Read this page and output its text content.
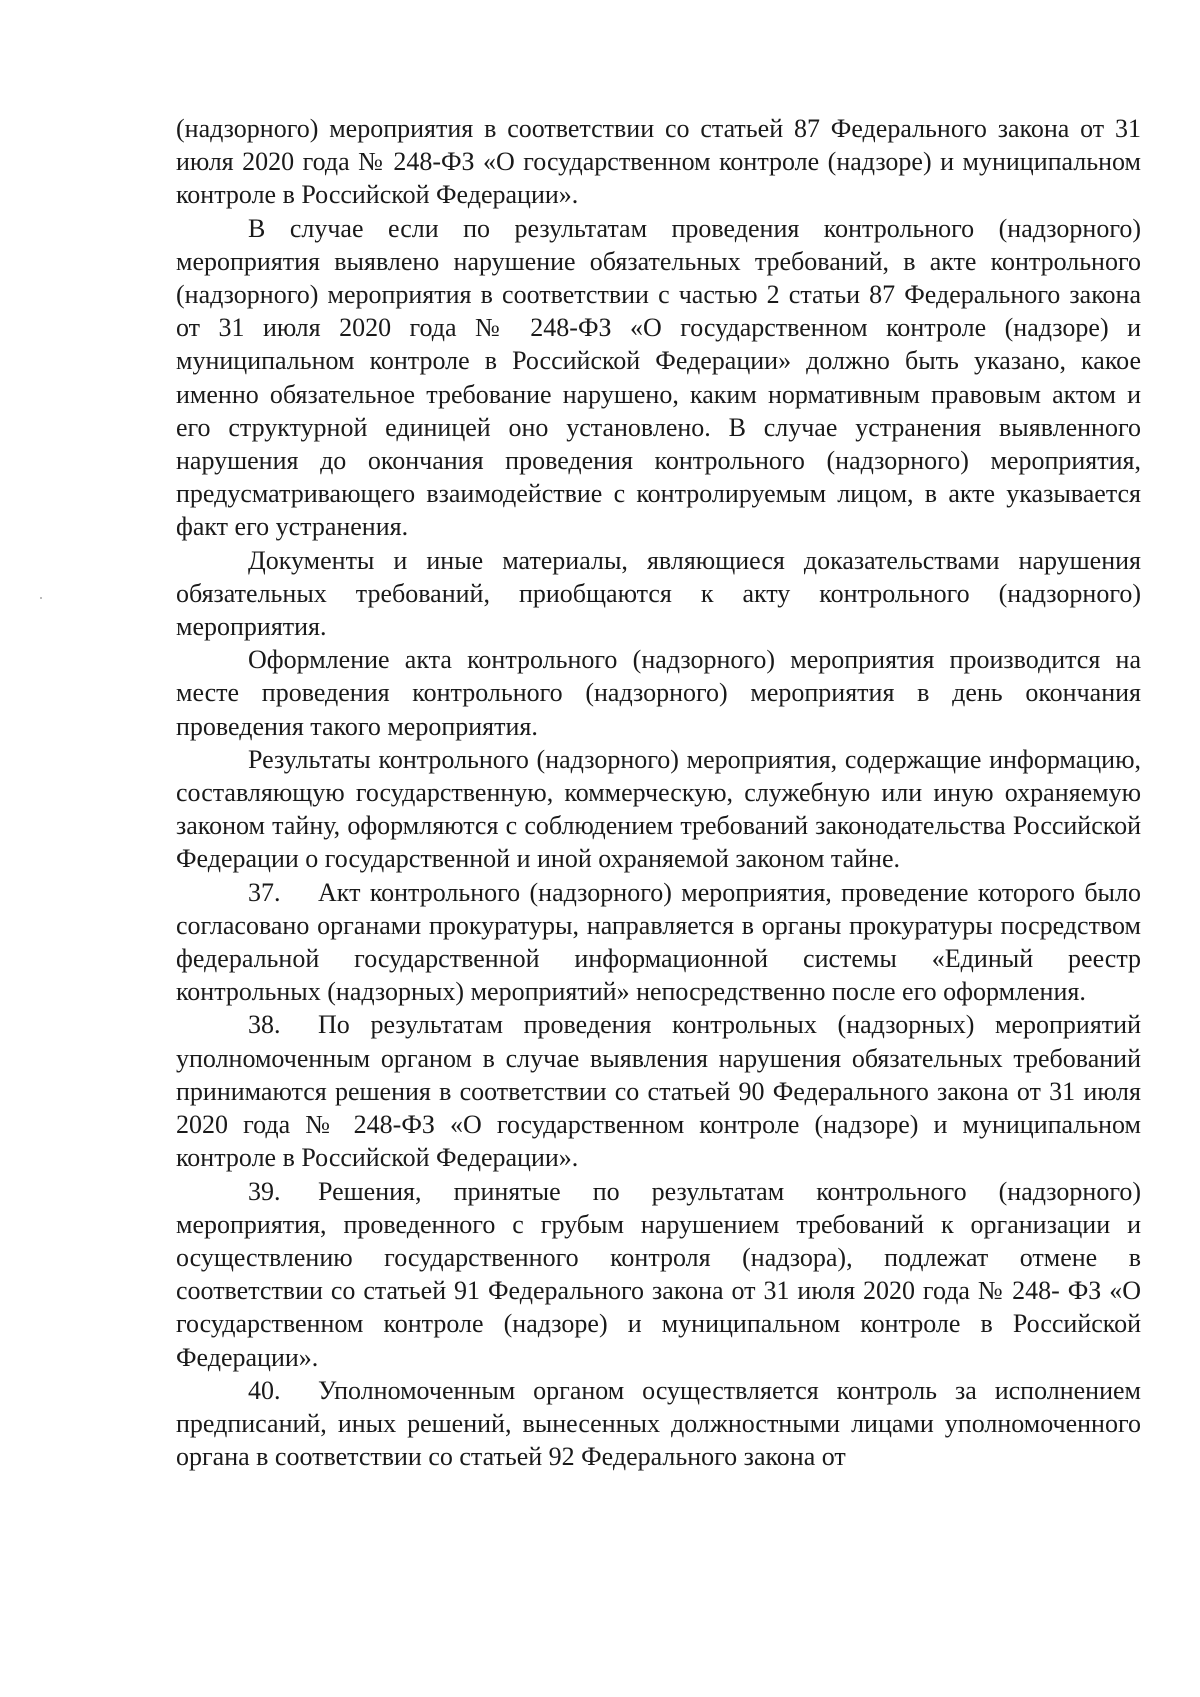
(надзорного) мероприятия в соответствии со статьей 87 Федерального закона от 31 июля 2020 года № 248-ФЗ «О государственном контроле (надзоре) и муниципальном контроле в Российской Федерации».

В случае если по результатам проведения контрольного (надзорного) мероприятия выявлено нарушение обязательных требований, в акте контрольного (надзорного) мероприятия в соответствии с частью 2 статьи 87 Федерального закона от 31 июля 2020 года № 248-ФЗ «О государственном контроле (надзоре) и муниципальном контроле в Российской Федерации» должно быть указано, какое именно обязательное требование нарушено, каким нормативным правовым актом и его структурной единицей оно установлено. В случае устранения выявленного нарушения до окончания проведения контрольного (надзорного) мероприятия, предусматривающего взаимодействие с контролируемым лицом, в акте указывается факт его устранения.

Документы и иные материалы, являющиеся доказательствами нарушения обязательных требований, приобщаются к акту контрольного (надзорного) мероприятия.

Оформление акта контрольного (надзорного) мероприятия производится на месте проведения контрольного (надзорного) мероприятия в день окончания проведения такого мероприятия.

Результаты контрольного (надзорного) мероприятия, содержащие информацию, составляющую государственную, коммерческую, служебную или иную охраняемую законом тайну, оформляются с соблюдением требований законодательства Российской Федерации о государственной и иной охраняемой законом тайне.

37. Акт контрольного (надзорного) мероприятия, проведение которого было согласовано органами прокуратуры, направляется в органы прокуратуры посредством федеральной государственной информационной системы «Единый реестр контрольных (надзорных) мероприятий» непосредственно после его оформления.

38. По результатам проведения контрольных (надзорных) мероприятий уполномоченным органом в случае выявления нарушения обязательных требований принимаются решения в соответствии со статьей 90 Федерального закона от 31 июля 2020 года № 248-ФЗ «О государственном контроле (надзоре) и муниципальном контроле в Российской Федерации».

39. Решения, принятые по результатам контрольного (надзорного) мероприятия, проведенного с грубым нарушением требований к организации и осуществлению государственного контроля (надзора), подлежат отмене в соответствии со статьей 91 Федерального закона от 31 июля 2020 года № 248- ФЗ «О государственном контроле (надзоре) и муниципальном контроле в Российской Федерации».

40. Уполномоченным органом осуществляется контроль за исполнением предписаний, иных решений, вынесенных должностными лицами уполномоченного органа в соответствии со статьей 92 Федерального закона от
